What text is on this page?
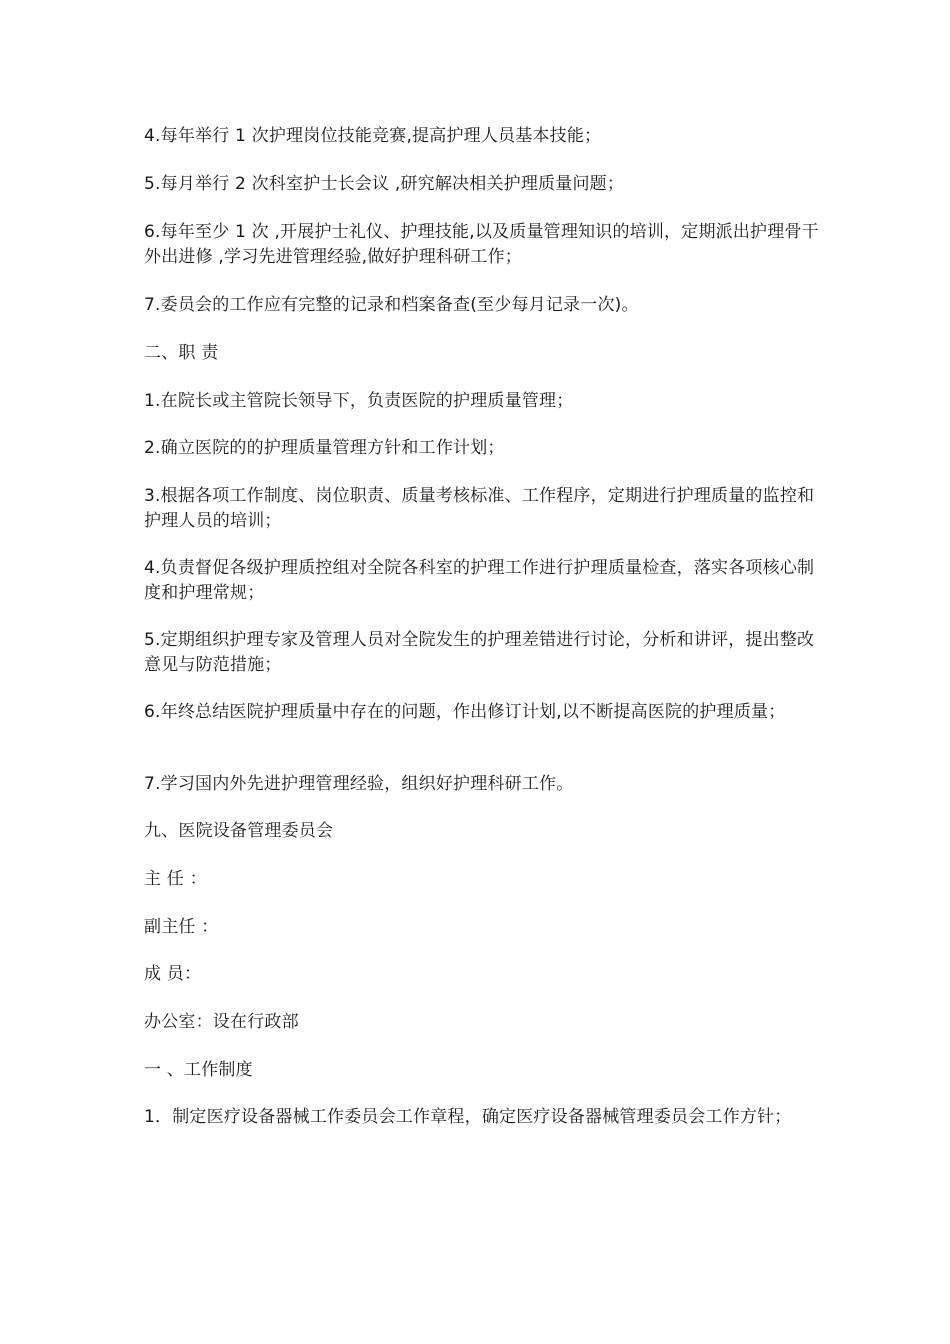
4.每年举行 1 次护理岗位技能竞赛,提高护理人员基本技能；

5.每月举行 2 次科室护士长会议 ,研究解决相关护理质量问题；

6.每年至少 1 次 ,开展护士礼仪、护理技能,以及质量管理知识的培训，定期派出护理骨干外出进修 ,学习先进管理经验,做好护理科研工作；

7.委员会的工作应有完整的记录和档案备查(至少每月记录一次)。

二、职 责

1.在院长或主管院长领导下，负责医院的护理质量管理；

2.确立医院的的护理质量管理方针和工作计划；

3.根据各项工作制度、岗位职责、质量考核标准、工作程序，定期进行护理质量的监控和护理人员的培训；

4.负责督促各级护理质控组对全院各科室的护理工作进行护理质量检查，落实各项核心制度和护理常规；

5.定期组织护理专家及管理人员对全院发生的护理差错进行讨论，分析和讲评，提出整改意见与防范措施；

6.年终总结医院护理质量中存在的问题，作出修订计划,以不断提高医院的护理质量；

7.学习国内外先进护理管理经验，组织好护理科研工作。

九、医院设备管理委员会

主 任 ：

副主任 ：

成 员：

办公室：设在行政部

一 、工作制度

1．制定医疗设备器械工作委员会工作章程，确定医疗设备器械管理委员会工作方针；
